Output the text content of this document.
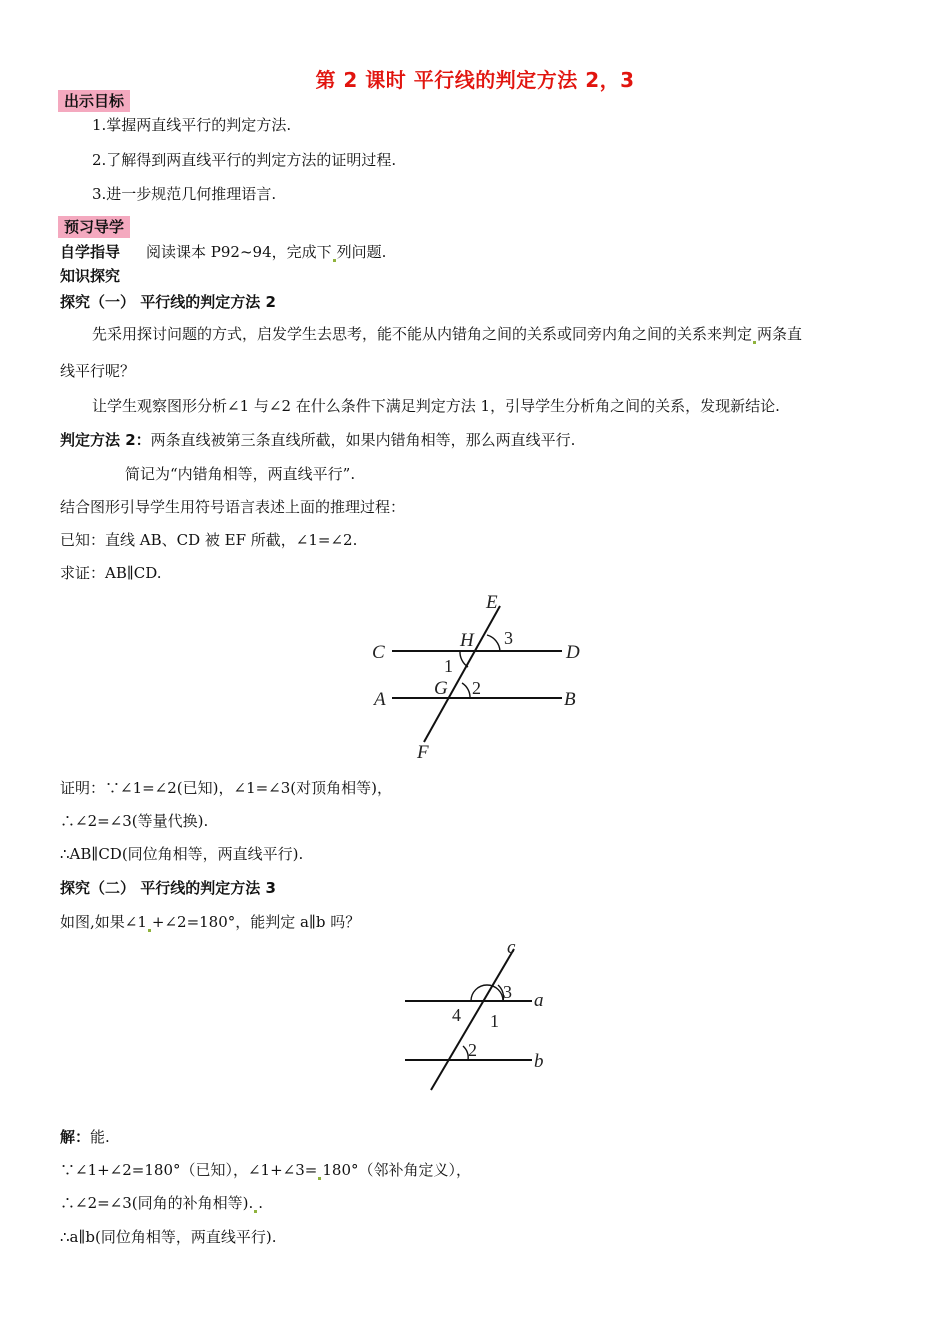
第 2 课时 平行线的判定方法 2，3
出示目标
1.掌握两直线平行的判定方法.
2.了解得到两直线平行的判定方法的证明过程.
3.进一步规范几何推理语言.
预习导学
自学指导 阅读课本 P92~94，完成下 列问题.
知识探究
探究（一） 平行线的判定方法 2
先采用探讨问题的方式，启发学生去思考，能不能从内错角之间的关系或同旁内角之间的关系来判定 两条直
线平行呢？
让学生观察图形分析∠1 与∠2 在什么条件下满足判定方法 1，引导学生分析角之间的关系，发现新结论.
判定方法 2：两条直线被第三条直线所截，如果内错角相等，那么两直线平行.
简记为“内错角相等，两直线平行”.
结合图形引导学生用符号语言表述上面的推理过程：
已知：直线 AB、CD 被 EF 所截，∠1=∠2.
求证：AB∥CD.
E
H 3
C	D
1
A
G 2
B
F
证明：∵∠1=∠2(已知)，∠1=∠3(对顶角相等)，
∴∠2=∠3(等量代换).
∴AB∥CD(同位角相等，两直线平行).
探究（二） 平行线的判定方法 3
如图,如果∠1 +∠2=180°，能判定 a∥b 吗？
c
3 a
4 1
2
b
解：能.
∵∠1+∠2=180°（已知），∠1+∠3= 180°（邻补角定义），
∴∠2=∠3(同角的补角相等). .
∴a∥b(同位角相等，两直线平行).
